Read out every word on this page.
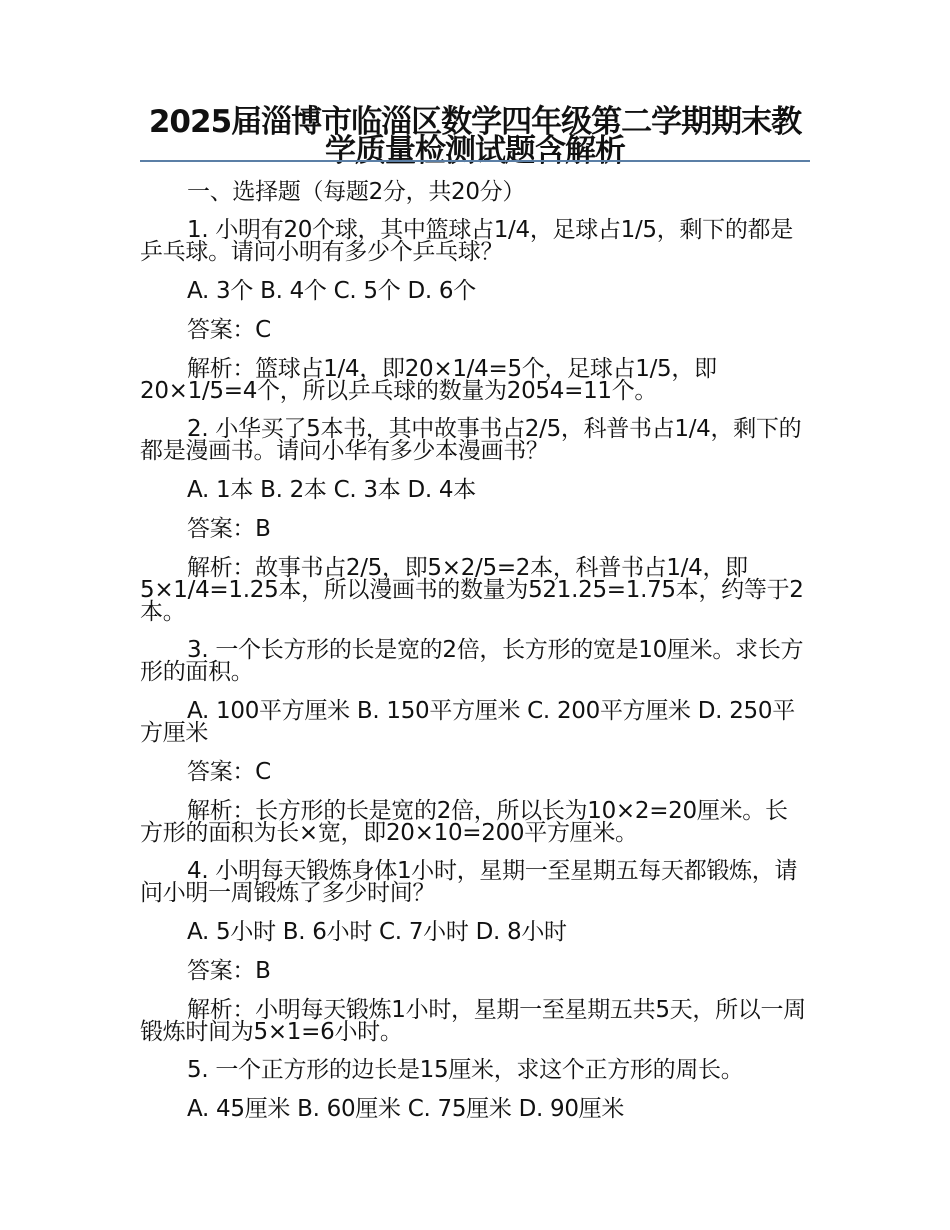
2025届淄博市临淄区数学四年级第二学期期末教学质量检测试题含解析

一、选择题（每题2分，共20分）

1. 小明有20个球，其中篮球占1/4，足球占1/5，剩下的都是乒乓球。请问小明有多少个乒乓球？

A. 3个 B. 4个 C. 5个 D. 6个

答案：C

解析：篮球占1/4，即20×1/4=5个，足球占1/5，即20×1/5=4个，所以乒乓球的数量为2054=11个。

2. 小华买了5本书，其中故事书占2/5，科普书占1/4，剩下的都是漫画书。请问小华有多少本漫画书？

A. 1本 B. 2本 C. 3本 D. 4本

答案：B

解析：故事书占2/5，即5×2/5=2本，科普书占1/4，即5×1/4=1.25本，所以漫画书的数量为521.25=1.75本，约等于2本。

3. 一个长方形的长是宽的2倍，长方形的宽是10厘米。求长方形的面积。

A. 100平方厘米 B. 150平方厘米 C. 200平方厘米 D. 250平方厘米

答案：C

解析：长方形的长是宽的2倍，所以长为10×2=20厘米。长方形的面积为长×宽，即20×10=200平方厘米。

4. 小明每天锻炼身体1小时，星期一至星期五每天都锻炼，请问小明一周锻炼了多少时间？

A. 5小时 B. 6小时 C. 7小时 D. 8小时

答案：B

解析：小明每天锻炼1小时，星期一至星期五共5天，所以一周锻炼时间为5×1=6小时。

5. 一个正方形的边长是15厘米，求这个正方形的周长。

A. 45厘米 B. 60厘米 C. 75厘米 D. 90厘米
